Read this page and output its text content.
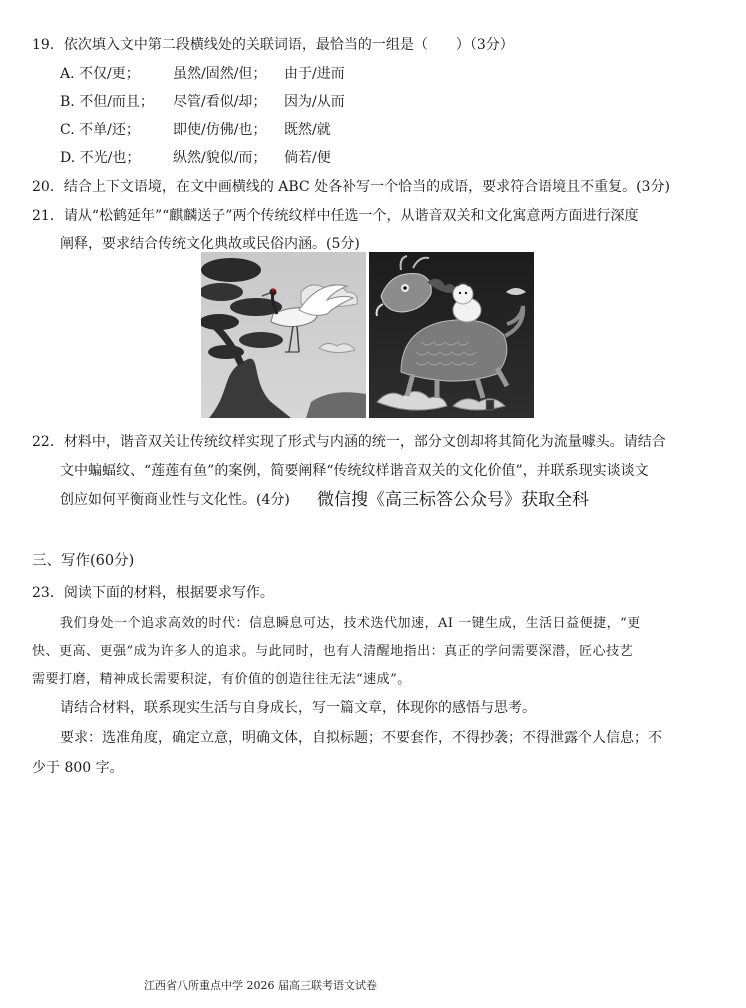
19．依次填入文中第二段横线处的关联词语，最恰当的一组是（　　）（3分）
A. 不仅/更； 虽然/固然/但； 由于/进而
B. 不但/而且； 尽管/看似/却； 因为/从而
C. 不单/还； 即使/仿佛/也； 既然/就
D. 不光/也； 纵然/貌似/而； 倘若/便
20．结合上下文语境，在文中画横线的 ABC 处各补写一个恰当的成语，要求符合语境且不重复。(3分)
21．请从“松鹤延年”“麒麟送子”两个传统纹样中任选一个，从谐音双关和文化寓意两方面进行深度
阐释，要求结合传统文化典故或民俗内涵。(5分)
22．材料中，谐音双关让传统纹样实现了形式与内涵的统一，部分文创却将其简化为流量噱头。请结合
文中蝙蝠纹、“莲莲有鱼”的案例，简要阐释“传统纹样谐音双关的文化价值”，并联系现实谈谈文
创应如何平衡商业性与文化性。(4分) 微信搜《高三标答公众号》获取全科
三、写作(60分)
23．阅读下面的材料，根据要求写作。
我们身处一个追求高效的时代：信息瞬息可达，技术迭代加速，AI 一键生成，生活日益便捷，“更
快、更高、更强”成为许多人的追求。与此同时，也有人清醒地指出：真正的学问需要深潜，匠心技艺
需要打磨，精神成长需要积淀，有价值的创造往往无法“速成”。
请结合材料，联系现实生活与自身成长，写一篇文章，体现你的感悟与思考。
要求：选准角度，确定立意，明确文体，自拟标题；不要套作，不得抄袭；不得泄露个人信息；不
少于 800 字。
江西省八所重点中学 2026 届高三联考语文试卷
